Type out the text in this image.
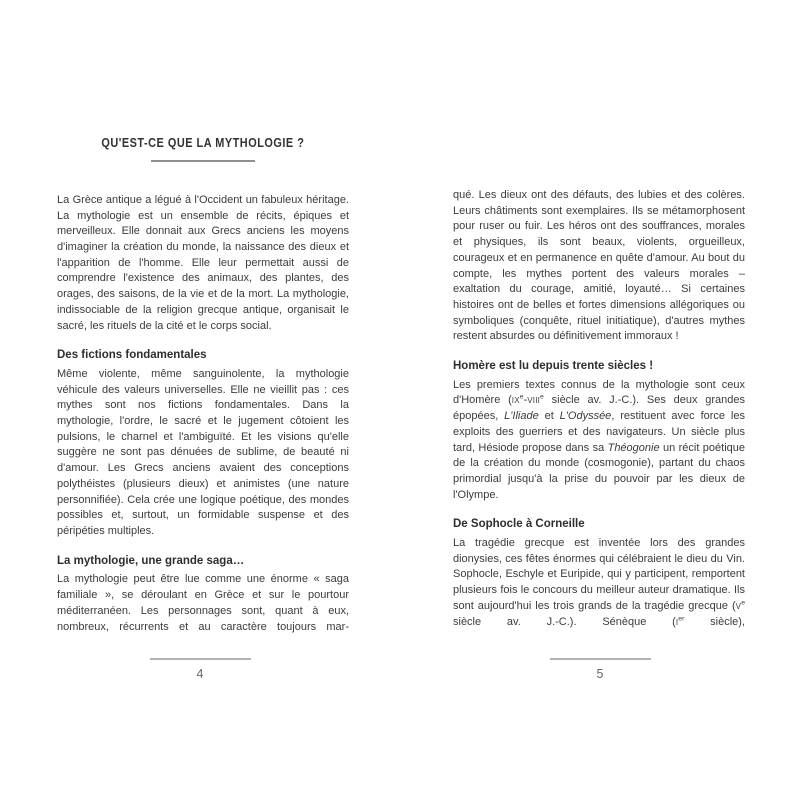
QU'EST-CE QUE LA MYTHOLOGIE ?

La Grèce antique a légué à l'Occident un fabuleux héritage. La mythologie est un ensemble de récits, épiques et merveilleux. Elle donnait aux Grecs anciens les moyens d'imaginer la création du monde, la naissance des dieux et l'apparition de l'homme. Elle leur permettait aussi de comprendre l'existence des animaux, des plantes, des orages, des saisons, de la vie et de la mort. La mythologie, indissociable de la religion grecque antique, organisait le sacré, les rituels de la cité et le corps social.

Des fictions fondamentales

Même violente, même sanguinolente, la mythologie véhicule des valeurs universelles. Elle ne vieillit pas : ces mythes sont nos fictions fondamentales. Dans la mythologie, l'ordre, le sacré et le jugement côtoient les pulsions, le charnel et l'ambiguïté. Et les visions qu'elle suggère ne sont pas dénuées de sublime, de beauté ni d'amour. Les Grecs anciens avaient des conceptions polythéistes (plusieurs dieux) et animistes (une nature personnifiée). Cela crée une logique poétique, des mondes possibles et, surtout, un formidable suspense et des péripéties multiples.

La mythologie, une grande saga…

La mythologie peut être lue comme une énorme « saga familiale », se déroulant en Grèce et sur le pourtour méditerranéen. Les personnages sont, quant à eux, nombreux, récurrents et au caractère toujours mar-

4

qué. Les dieux ont des défauts, des lubies et des colères. Leurs châtiments sont exemplaires. Ils se métamorphosent pour ruser ou fuir. Les héros ont des souffrances, morales et physiques, ils sont beaux, violents, orgueilleux, courageux et en permanence en quête d'amour. Au bout du compte, les mythes portent des valeurs morales – exaltation du courage, amitié, loyauté… Si certaines histoires ont de belles et fortes dimensions allégoriques ou symboliques (conquête, rituel initiatique), d'autres mythes restent absurdes ou définitivement immoraux !

Homère est lu depuis trente siècles !

Les premiers textes connus de la mythologie sont ceux d'Homère ($ix^e-viii^e$ siècle av. J.-C.). Ses deux grandes épopées, L'Iliade et L'Odyssée, restituent avec force les exploits des guerriers et des navigateurs. Un siècle plus tard, Hésiode propose dans sa Théogonie un récit poétique de la création du monde (cosmogonie), partant du chaos primordial jusqu'à la prise du pouvoir par les dieux de l'Olympe.

De Sophocle à Corneille

La tragédie grecque est inventée lors des grandes dionysies, ces fêtes énormes qui célébraient le dieu du Vin. Sophocle, Eschyle et Euripide, qui y participent, remportent plusieurs fois le concours du meilleur auteur dramatique. Ils sont aujourd'hui les trois grands de la tragédie grecque ($v^e$ siècle av. J.-C.). Sénèque ($i^{er}$ siècle),

5
